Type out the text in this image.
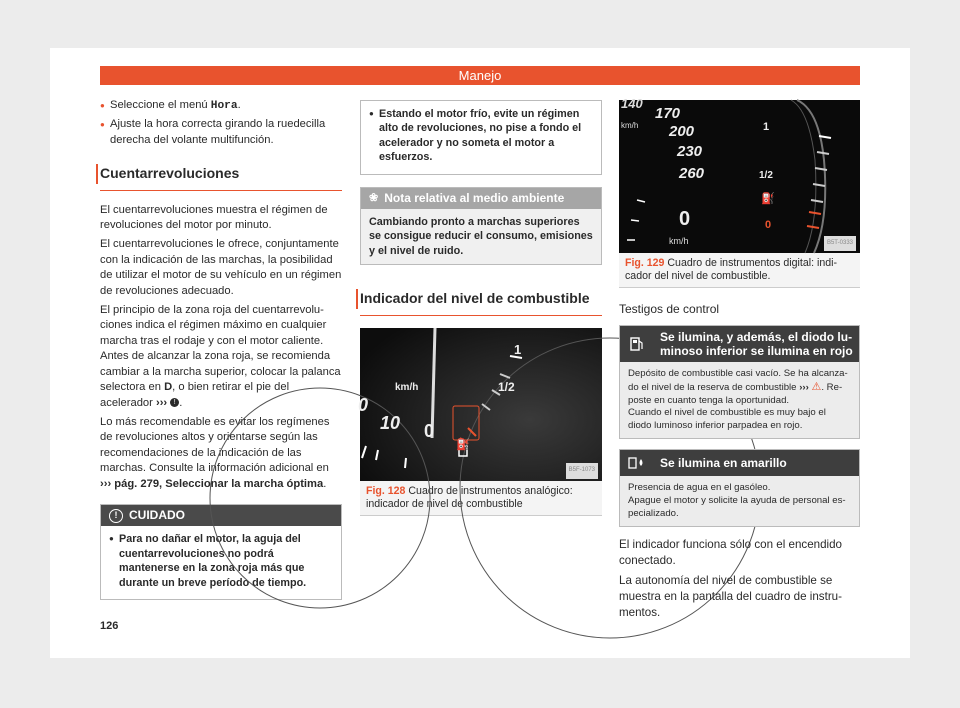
Manejo
● Seleccione el menú Hora.
● Ajuste la hora correcta girando la ruedecilla derecha del volante multifunción.
Cuentarrevoluciones

El cuentarrevoluciones muestra el régimen de revoluciones del motor por minuto.

El cuentarrevoluciones le ofrece, conjuntamente con la indicación de las marchas, la posibilidad de utilizar el motor de su vehículo en un régimen de revoluciones adecuado.

El principio de la zona roja del cuentarrevoluciones indica el régimen máximo en cualquier marcha tras el rodaje y con el motor caliente. Antes de alcanzar la zona roja, se recomienda cambiar a la marcha superior, colocar la palanca selectora en D, o bien retirar el pie del acelerador ››› ! .

Lo más recomendable es evitar los regímenes de revoluciones altos y orientarse según las recomendaciones de la indicación de las marchas. Consulte la información adicional en ››› pág. 279, Seleccionar la marcha óptima.

! CUIDADO
● Para no dañar el motor, la aguja del cuentarrevoluciones no podrá mantenerse en la zona roja más que durante un breve período de tiempo.
● Estando el motor frío, evite un régimen alto de revoluciones, no pise a fondo el acelerador y no someta el motor a esfuerzos.
❀ Nota relativa al medio ambiente
Cambiando pronto a marchas superiores se consigue reducir el consumo, emisiones y el nivel de ruido.
Indicador del nivel de combustible
km/h
0
10 0
1
1/2
⛽
B5F-1073
Fig. 128 Cuadro de instrumentos analógico: indicador de nivel de combustible
140
km/h
170
200
230
260
0
km/h
1
1/2
⛽
0
B5T-0333
Fig. 129 Cuadro de instrumentos digital: indicador del nivel de combustible.
Testigos de control
Se ilumina, y además, el diodo luminoso inferior se ilumina en rojo
Depósito de combustible casi vacío. Se ha alcanzado el nivel de la reserva de combustible ››› ⚠. Reposte en cuanto tenga la oportunidad.
Cuando el nivel de combustible es muy bajo el diodo luminoso inferior parpadea en rojo.
Se ilumina en amarillo
Presencia de agua en el gasóleo.
Apague el motor y solicite la ayuda de personal especializado.

El indicador funciona sólo con el encendido conectado.

La autonomía del nivel de combustible se muestra en la pantalla del cuadro de instrumentos.

126
